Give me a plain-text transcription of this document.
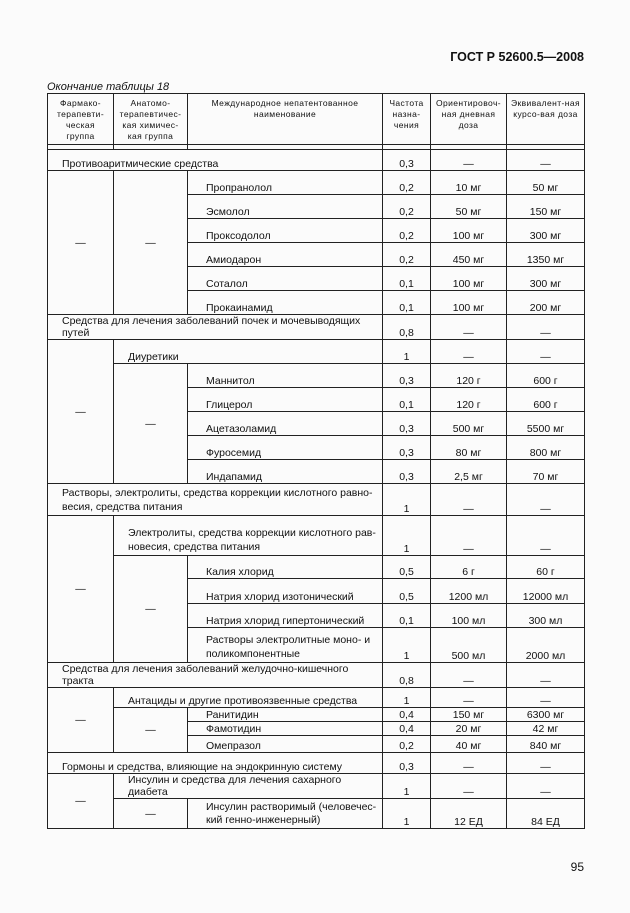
ГОСТ Р 52600.5—2008
Окончание таблицы 18
Фармако-терапевти-ческая группа	Анатомо-терапевтичес-кая химичес-кая группа	Международное непатентованное наименование	Частота назна-чения	Ориентировоч-ная дневная доза	Эквивалент-ная курсо-вая доза

Противоаритмические средства			0,3	—	—
—	—	Пропранолол	0,2	10 мг	50 мг
		Эсмолол	0,2	50 мг	150 мг
		Проксодолол	0,2	100 мг	300 мг
		Амиодарон	0,2	450 мг	1350 мг
		Соталол	0,1	100 мг	300 мг
		Прокаинамид	0,1	100 мг	200 мг
Средства для лечения заболеваний почек и мочевыводящих путей			0,8	—	—
—	Диуретики		1	—	—
	—	Маннитол	0,3	120 г	600 г
		Глицерол	0,1	120 г	600 г
		Ацетазоламид	0,3	500 мг	5500 мг
		Фуросемид	0,3	80 мг	800 мг
		Индапамид	0,3	2,5 мг	70 мг
Растворы, электролиты, средства коррекции кислотного равно-весия, средства питания			1	—	—
—	Электролиты, средства коррекции кислотного рав-новесия, средства питания		1	—	—
	—	Калия хлорид	0,5	6 г	60 г
		Натрия хлорид изотонический	0,5	1200 мл	12000 мл
		Натрия хлорид гипертонический	0,1	100 мл	300 мл
		Растворы электролитные моно- и поликомпонентные	1	500 мл	2000 мл
Средства для лечения заболеваний желудочно-кишечного тракта			0,8	—	—
—	Антациды и другие противоязвенные средства		1	—	—
	—	Ранитидин	0,4	150 мг	6300 мг
		Фамотидин	0,4	20 мг	42 мг
		Омепразол	0,2	40 мг	840 мг
Гормоны и средства, влияющие на эндокринную систему			0,3	—	—
—	Инсулин и средства для лечения сахарного диабета		1	—	—
	—	Инсулин растворимый (человечес-кий генно-инженерный)	1	12 ЕД	84 ЕД
95
